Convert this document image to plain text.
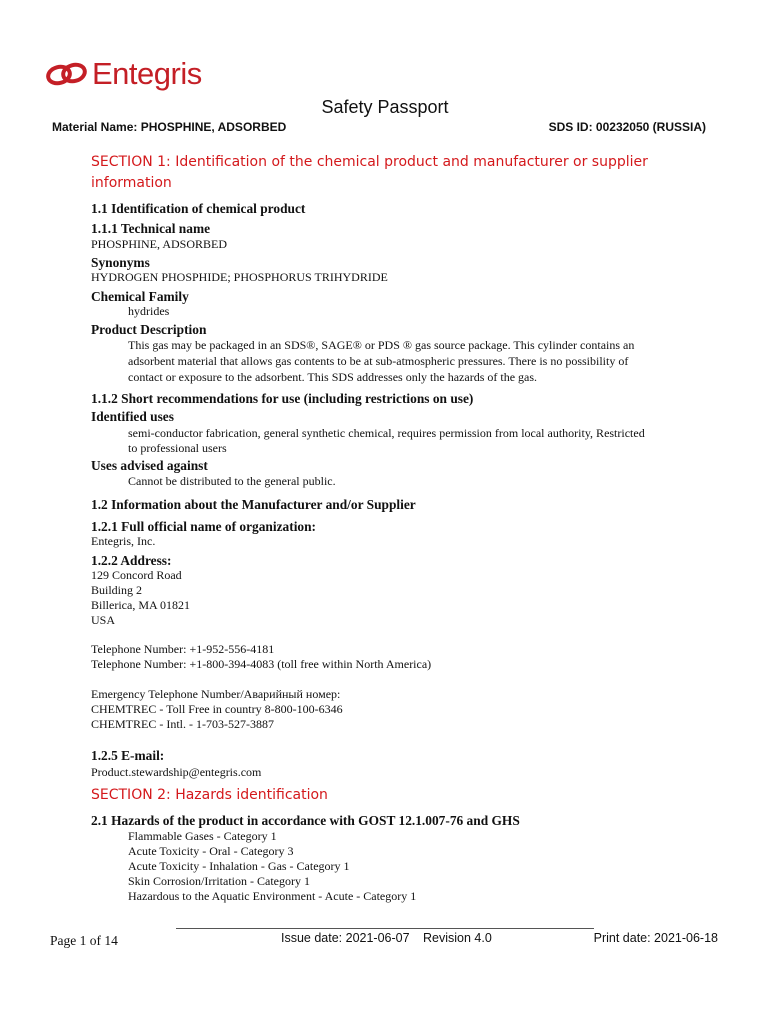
Entegris
Safety Passport
Material Name: PHOSPHINE, ADSORBED	SDS ID: 00232050 (RUSSIA)
SECTION 1: Identification of the chemical product and manufacturer or supplier
information
1.1 Identification of chemical product
1.1.1 Technical name
PHOSPHINE, ADSORBED
Synonyms
HYDROGEN PHOSPHIDE; PHOSPHORUS TRIHYDRIDE
Chemical Family
hydrides
Product Description
This gas may be packaged in an SDS®, SAGE® or PDS ® gas source package. This cylinder contains an
adsorbent material that allows gas contents to be at sub-atmospheric pressures. There is no possibility of
contact or exposure to the adsorbent. This SDS addresses only the hazards of the gas.
1.1.2 Short recommendations for use (including restrictions on use)
Identified uses
semi-conductor fabrication, general synthetic chemical, requires permission from local authority, Restricted
to professional users
Uses advised against
Cannot be distributed to the general public.
1.2 Information about the Manufacturer and/or Supplier
1.2.1 Full official name of organization:
Entegris, Inc.
1.2.2 Address:
129 Concord Road
Building 2
Billerica, MA 01821
USA
Telephone Number: +1-952-556-4181
Telephone Number: +1-800-394-4083 (toll free within North America)
Emergency Telephone Number/Аварийный номер:
CHEMTREC - Toll Free in country 8-800-100-6346
CHEMTREC - Intl. - 1-703-527-3887
1.2.5 E-mail:
Product.stewardship@entegris.com
SECTION 2: Hazards identification
2.1 Hazards of the product in accordance with GOST 12.1.007-76 and GHS
Flammable Gases - Category 1
Acute Toxicity - Oral - Category 3
Acute Toxicity - Inhalation - Gas - Category 1
Skin Corrosion/Irritation - Category 1
Hazardous to the Aquatic Environment - Acute - Category 1
Page 1 of 14	Issue date: 2021-06-07 Revision 4.0	Print date: 2021-06-18
